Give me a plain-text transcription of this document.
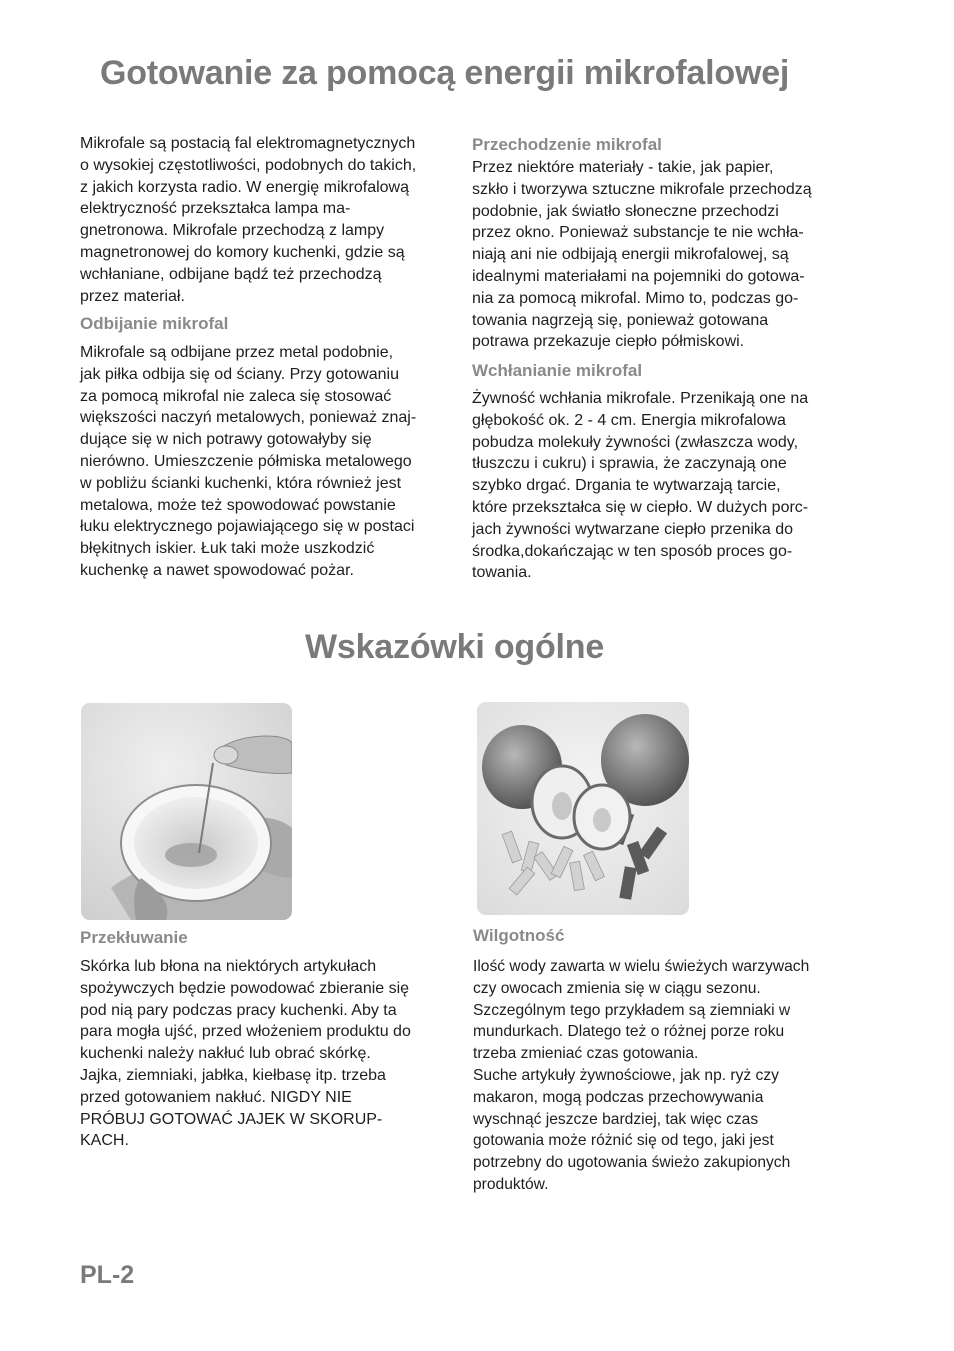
Gotowanie za pomocą energii mikrofalowej
Mikrofale są postacią fal elektromagnetycznych
o wysokiej częstotliwości, podobnych do takich,
z jakich korzysta radio. W energię mikrofalową
elektryczność przekształca lampa ma-
gnetronowa. Mikrofale przechodzą z lampy
magnetronowej do komory kuchenki, gdzie są
wchłaniane, odbijane bądź też przechodzą
przez materiał.
Odbijanie mikrofal
Mikrofale są odbijane przez metal podobnie,
jak piłka odbija się od ściany. Przy gotowaniu
za pomocą mikrofal nie zaleca się stosować
większości naczyń metalowych, ponieważ znaj-
dujące się w nich potrawy gotowałyby się
nierówno. Umieszczenie półmiska metalowego
w pobliżu ścianki kuchenki, która również jest
metalowa, może też spowodować powstanie
łuku elektrycznego pojawiającego się w postaci
błękitnych iskier. Łuk taki może uszkodzić
kuchenkę a nawet spowodować pożar.
Przechodzenie mikrofal
Przez niektóre materiały - takie, jak papier,
szkło i tworzywa sztuczne mikrofale przechodzą
podobnie, jak światło słoneczne przechodzi
przez okno. Ponieważ substancje te nie wchła-
niają ani nie odbijają energii mikrofalowej, są
idealnymi materiałami na pojemniki do gotowa-
nia za pomocą mikrofal. Mimo to, podczas go-
towania nagrzeją się, ponieważ gotowana
potrawa przekazuje ciepło półmiskowi.
Wchłanianie mikrofal
Żywność wchłania mikrofale. Przenikają one na
głębokość ok. 2 - 4 cm. Energia mikrofalowa
pobudza molekuły żywności (zwłaszcza wody,
tłuszczu i cukru) i sprawia, że zaczynają one
szybko drgać. Drgania te wytwarzają tarcie,
które przekształca się w ciepło. W dużych porc-
jach żywności wytwarzane ciepło przenika do
środka,dokańczając w ten sposób proces go-
towania.
Wskazówki ogólne
Przekłuwanie
Skórka lub błona na niektórych artykułach
spożywczych będzie powodować zbieranie się
pod nią pary podczas pracy kuchenki. Aby ta
para mogła ujść, przed włożeniem produktu do
kuchenki należy nakłuć lub obrać skórkę.
Jajka, ziemniaki, jabłka, kiełbasę itp. trzeba
przed gotowaniem nakłuć. NIGDY NIE
PRÓBUJ GOTOWAĆ JAJEK W SKORUP-
KACH.
Wilgotność
Ilość wody zawarta w wielu świeżych warzywach
czy owocach zmienia się w ciągu sezonu.
Szczególnym tego przykładem są ziemniaki w
mundurkach. Dlatego też o różnej porze roku
trzeba zmieniać czas gotowania.
Suche artykuły żywnościowe, jak np. ryż czy
makaron, mogą podczas przechowywania
wyschnąć jeszcze bardziej, tak więc czas
gotowania może różnić się od tego, jaki jest
potrzebny do ugotowania świeżo zakupionych
produktów.
PL-2
